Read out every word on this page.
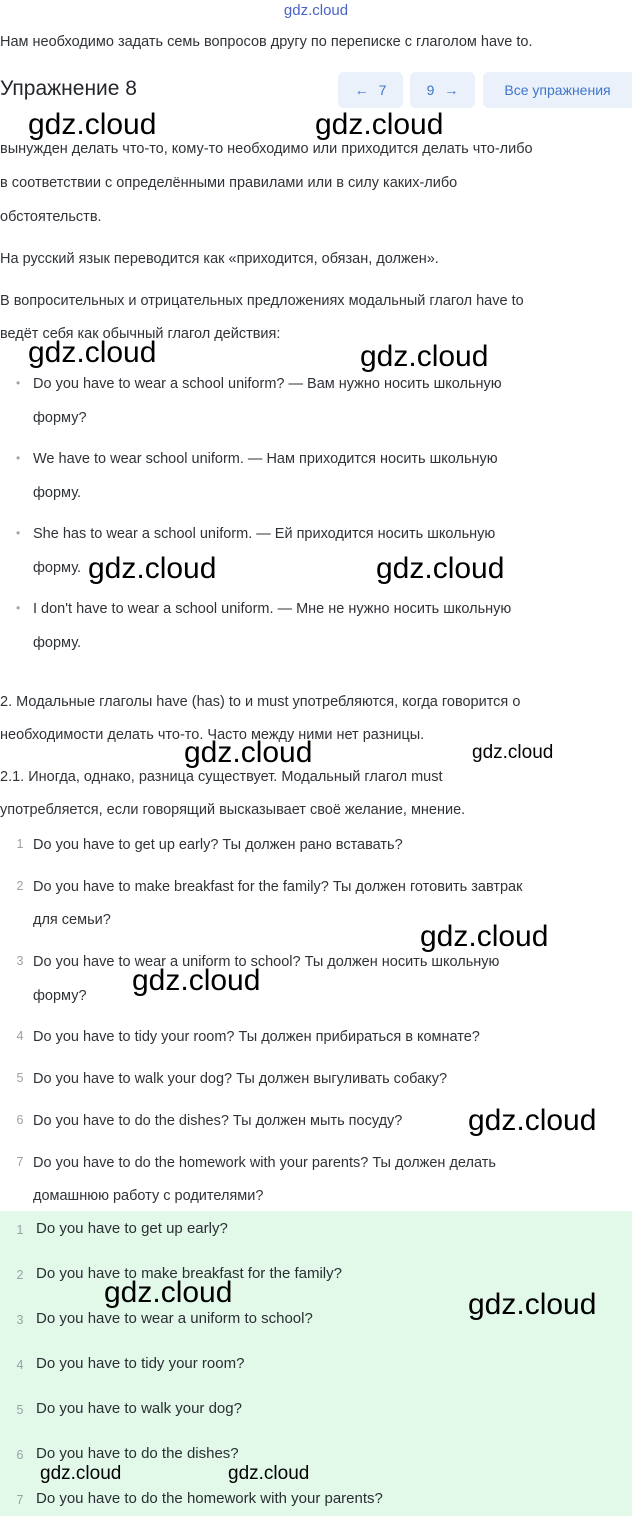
gdz.cloud
Нам необходимо задать семь вопросов другу по переписке с глаголом have to.
Упражнение 8	← 7	9 →	Все упражнения
вынужден делать что-то, кому-то необходимо или приходится делать что-либо
в соответствии с определёнными правилами или в силу каких-либо
обстоятельств.
На русский язык переводится как «приходится, обязан, должен».
В вопросительных и отрицательных предложениях модальный глагол have to
ведёт себя как обычный глагол действия:
• Do you have to wear a school uniform? — Вам нужно носить школьную
форму?
• We have to wear school uniform. — Нам приходится носить школьную
форму.
• She has to wear a school uniform. — Ей приходится носить школьную
форму.
• I don't have to wear a school uniform. — Мне не нужно носить школьную
форму.
2. Модальные глаголы have (has) to и must употребляются, когда говорится о
необходимости делать что-то. Часто между ними нет разницы.
2.1. Иногда, однако, разница существует. Модальный глагол must
употребляется, если говорящий высказывает своё желание, мнение.
1 Do you have to get up early? Ты должен рано вставать?
2 Do you have to make breakfast for the family? Ты должен готовить завтрак
для семьи?
3 Do you have to wear a uniform to school? Ты должен носить школьную
форму?
4 Do you have to tidy your room? Ты должен прибираться в комнате?
5 Do you have to walk your dog? Ты должен выгуливать собаку?
6 Do you have to do the dishes? Ты должен мыть посуду?
7 Do you have to do the homework with your parents? Ты должен делать
домашнюю работу с родителями?
1 Do you have to get up early?
2 Do you have to make breakfast for the family?
3 Do you have to wear a uniform to school?
4 Do you have to tidy your room?
5 Do you have to walk your dog?
6 Do you have to do the dishes?
7 Do you have to do the homework with your parents?
gdz.cloud	gdz.cloud
gdz.cloud	gdz.cloud
gdz.cloud	gdz.cloud
gdz.cloud	gdz.cloud
gdz.cloud
gdz.cloud
gdz.cloud
gdz.cloud	gdz.cloud
gdz.cloud	gdz.cloud
